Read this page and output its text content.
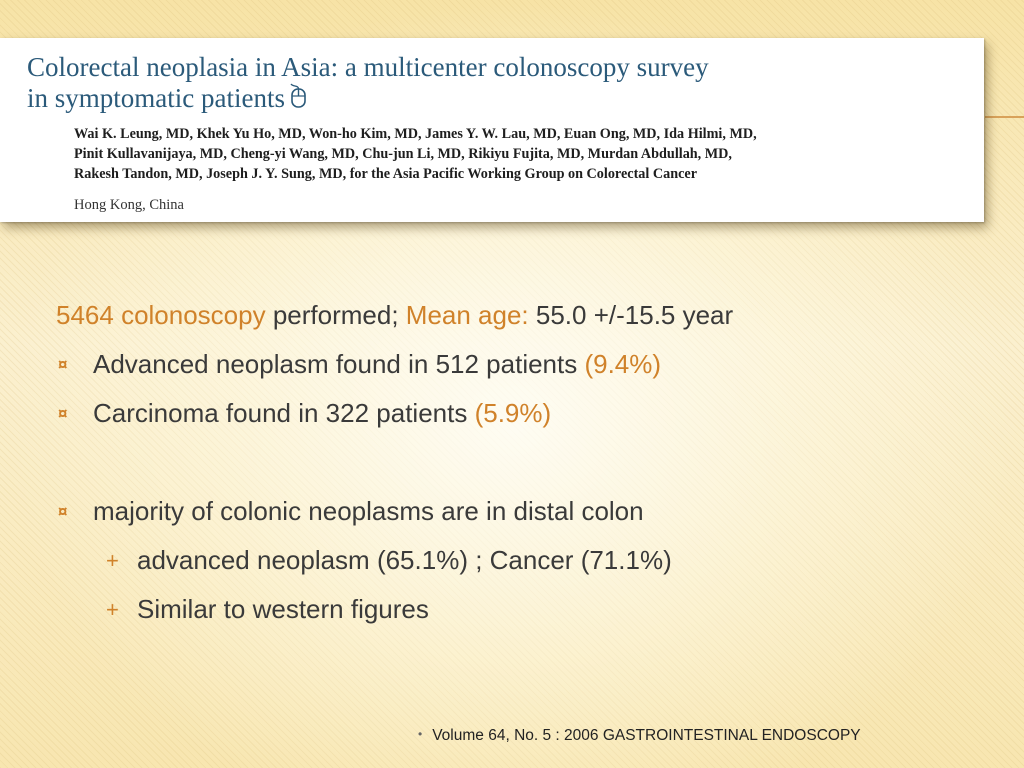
Colorectal neoplasia in Asia: a multicenter colonoscopy survey
in symptomatic patients
Wai K. Leung, MD, Khek Yu Ho, MD, Won-ho Kim, MD, James Y. W. Lau, MD, Euan Ong, MD, Ida Hilmi, MD,
Pinit Kullavanijaya, MD, Cheng-yi Wang, MD, Chu-jun Li, MD, Rikiyu Fujita, MD, Murdan Abdullah, MD,
Rakesh Tandon, MD, Joseph J. Y. Sung, MD, for the Asia Pacific Working Group on Colorectal Cancer
Hong Kong, China
5464 colonoscopy performed; Mean age: 55.0 +/-15.5 year
¤ Advanced neoplasm found in 512 patients (9.4%)
¤ Carcinoma found in 322 patients (5.9%)
¤ majority of colonic neoplasms are in distal colon
+ advanced neoplasm (65.1%) ; Cancer (71.1%)
+ Similar to western figures
• Volume 64, No. 5 : 2006 GASTROINTESTINAL ENDOSCOPY
